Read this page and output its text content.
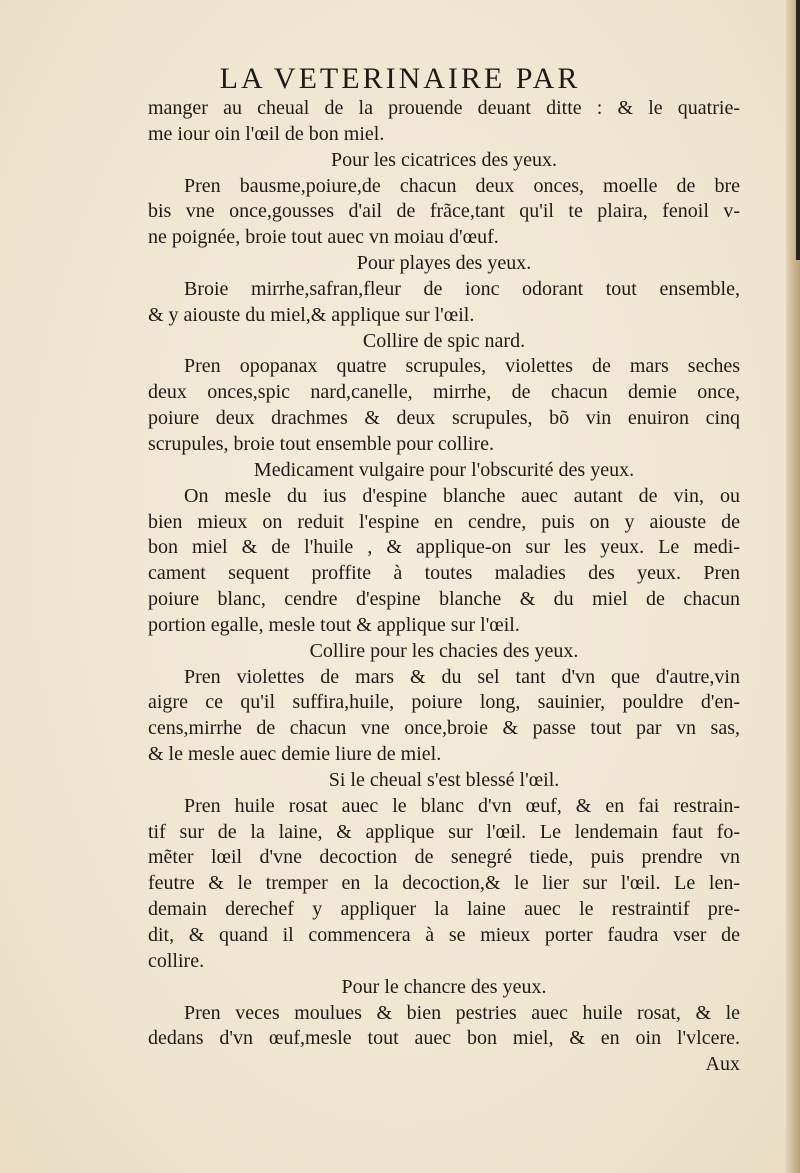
LA VETERINAIRE PAR
manger au cheual de la prouende deuant ditte : & le quatrie-
me iour oin l'œil de bon miel.
Pour les cicatrices des yeux.
Pren bausme,poiure,de chacun deux onces, moelle de bre
bis vne once,gousses d'ail de frãce,tant qu'il te plaira, fenoil v-
ne poignée, broie tout auec vn moiau d'œuf.
Pour playes des yeux.
Broie mirrhe,safran,fleur de ionc odorant tout ensemble,
& y aiouste du miel,& applique sur l'œil.
Collire de spic nard.
Pren opopanax quatre scrupules, violettes de mars seches
deux onces,spic nard,canelle, mirrhe, de chacun demie once,
poiure deux drachmes & deux scrupules, bõ vin enuiron cinq
scrupules, broie tout ensemble pour collire.
Medicament vulgaire pour l'obscurité des yeux.
On mesle du ius d'espine blanche auec autant de vin, ou
bien mieux on reduit l'espine en cendre, puis on y aiouste de
bon miel & de l'huile , & applique-on sur les yeux. Le medi-
cament sequent proffite à toutes maladies des yeux. Pren
poiure blanc, cendre d'espine blanche & du miel de chacun
portion egalle, mesle tout & applique sur l'œil.
Collire pour les chacies des yeux.
Pren violettes de mars & du sel tant d'vn que d'autre,vin
aigre ce qu'il suffira,huile, poiure long, sauinier, pouldre d'en-
cens,mirrhe de chacun vne once,broie & passe tout par vn sas,
& le mesle auec demie liure de miel.
Si le cheual s'est blessé l'œil.
Pren huile rosat auec le blanc d'vn œuf, & en fai restrain-
tif sur de la laine, & applique sur l'œil. Le lendemain faut fo-
mẽter lœil d'vne decoction de senegré tiede, puis prendre vn
feutre & le tremper en la decoction,& le lier sur l'œil. Le len-
demain derechef y appliquer la laine auec le restraintif pre-
dit, & quand il commencera à se mieux porter faudra vser de
collire.
Pour le chancre des yeux.
Pren veces moulues & bien pestries auec huile rosat, & le
dedans d'vn œuf,mesle tout auec bon miel, & en oin l'vlcere.
Aux
